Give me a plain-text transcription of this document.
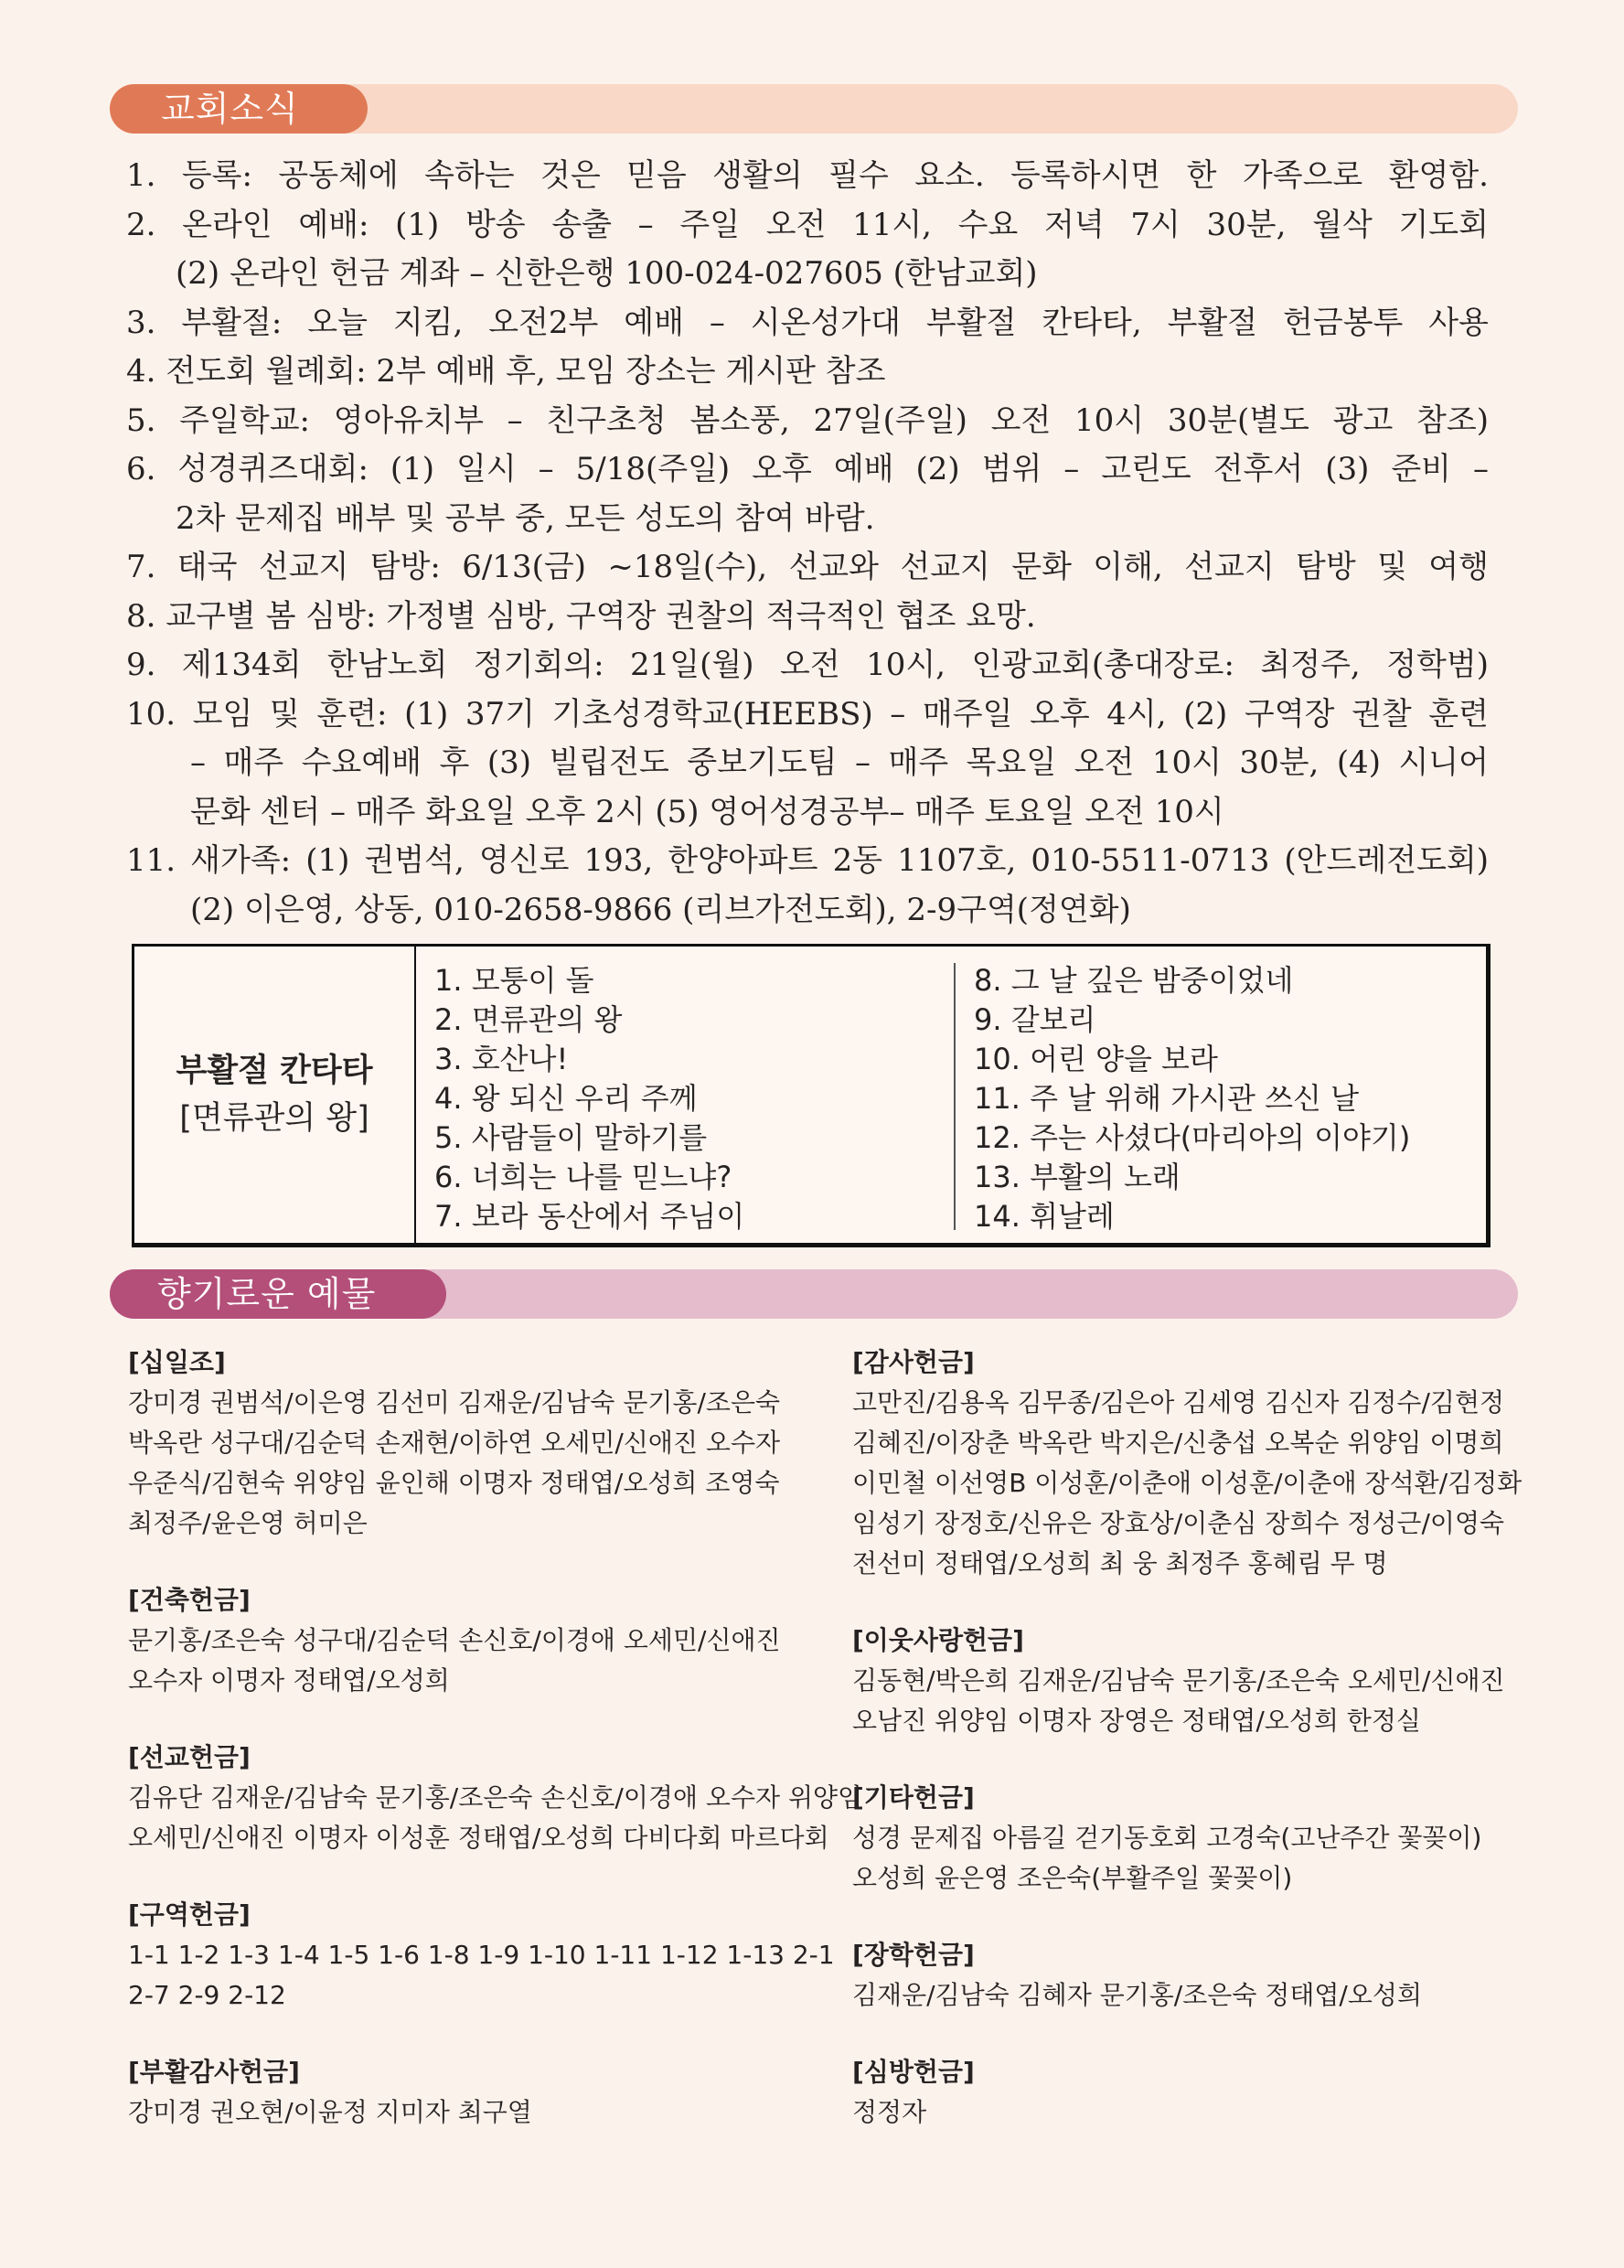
교회소식
1. 등록: 공동체에 속하는 것은 믿음 생활의 필수 요소. 등록하시면 한 가족으로 환영함.
2. 온라인 예배: (1) 방송 송출 – 주일 오전 11시, 수요 저녁 7시 30분, 월삭 기도회
(2) 온라인 헌금 계좌 – 신한은행 100-024-027605 (한남교회)
3. 부활절: 오늘 지킴, 오전2부 예배 – 시온성가대 부활절 칸타타, 부활절 헌금봉투 사용
4. 전도회 월례회: 2부 예배 후, 모임 장소는 게시판 참조
5. 주일학교: 영아유치부 – 친구초청 봄소풍, 27일(주일) 오전 10시 30분(별도 광고 참조)
6. 성경퀴즈대회: (1) 일시 – 5/18(주일) 오후 예배 (2) 범위 – 고린도 전후서 (3) 준비 –
2차 문제집 배부 및 공부 중, 모든 성도의 참여 바람.
7. 태국 선교지 탐방: 6/13(금) ~18일(수), 선교와 선교지 문화 이해, 선교지 탐방 및 여행
8. 교구별 봄 심방: 가정별 심방, 구역장 권찰의 적극적인 협조 요망.
9. 제134회 한남노회 정기회의: 21일(월) 오전 10시, 인광교회(총대장로: 최정주, 정학범)
10. 모임 및 훈련: (1) 37기 기초성경학교(HEEBS) – 매주일 오후 4시, (2) 구역장 권찰 훈련
– 매주 수요예배 후 (3) 빌립전도 중보기도팀 – 매주 목요일 오전 10시 30분, (4) 시니어
문화 센터 – 매주 화요일 오후 2시 (5) 영어성경공부– 매주 토요일 오전 10시
11. 새가족: (1) 권범석, 영신로 193, 한양아파트 2동 1107호, 010-5511-0713 (안드레전도회)
(2) 이은영, 상동, 010-2658-9866 (리브가전도회), 2-9구역(정연화)
부활절 칸타타
[면류관의 왕]
1. 모퉁이 돌
2. 면류관의 왕
3. 호산나!
4. 왕 되신 우리 주께
5. 사람들이 말하기를
6. 너희는 나를 믿느냐?
7. 보라 동산에서 주님이
8. 그 날 깊은 밤중이었네
9. 갈보리
10. 어린 양을 보라
11. 주 날 위해 가시관 쓰신 날
12. 주는 사셨다(마리아의 이야기)
13. 부활의 노래
14. 휘날레
향기로운 예물
[십일조]
강미경 권범석/이은영 김선미 김재운/김남숙 문기홍/조은숙
박옥란 성구대/김순덕 손재현/이하연 오세민/신애진 오수자
우준식/김현숙 위양임 윤인해 이명자 정태엽/오성희 조영숙
최정주/윤은영 허미은
[건축헌금]
문기홍/조은숙 성구대/김순덕 손신호/이경애 오세민/신애진
오수자 이명자 정태엽/오성희
[선교헌금]
김유단 김재운/김남숙 문기홍/조은숙 손신호/이경애 오수자 위양임
오세민/신애진 이명자 이성훈 정태엽/오성희 다비다회 마르다회
[구역헌금]
1-1 1-2 1-3 1-4 1-5 1-6 1-8 1-9 1-10 1-11 1-12 1-13 2-1
2-7 2-9 2-12
[부활감사헌금]
강미경 권오현/이윤정 지미자 최구열
[감사헌금]
고만진/김용옥 김무종/김은아 김세영 김신자 김정수/김현정
김혜진/이장춘 박옥란 박지은/신충섭 오복순 위양임 이명희
이민철 이선영B 이성훈/이춘애 이성훈/이춘애 장석환/김정화
임성기 장정호/신유은 장효상/이춘심 장희수 정성근/이영숙
전선미 정태엽/오성희 최 웅 최정주 홍혜림 무 명
[이웃사랑헌금]
김동현/박은희 김재운/김남숙 문기홍/조은숙 오세민/신애진
오남진 위양임 이명자 장영은 정태엽/오성희 한정실
[기타헌금]
성경 문제집 아름길 걷기동호회 고경숙(고난주간 꽃꽂이)
오성희 윤은영 조은숙(부활주일 꽃꽂이)
[장학헌금]
김재운/김남숙 김혜자 문기홍/조은숙 정태엽/오성희
[심방헌금]
정정자
